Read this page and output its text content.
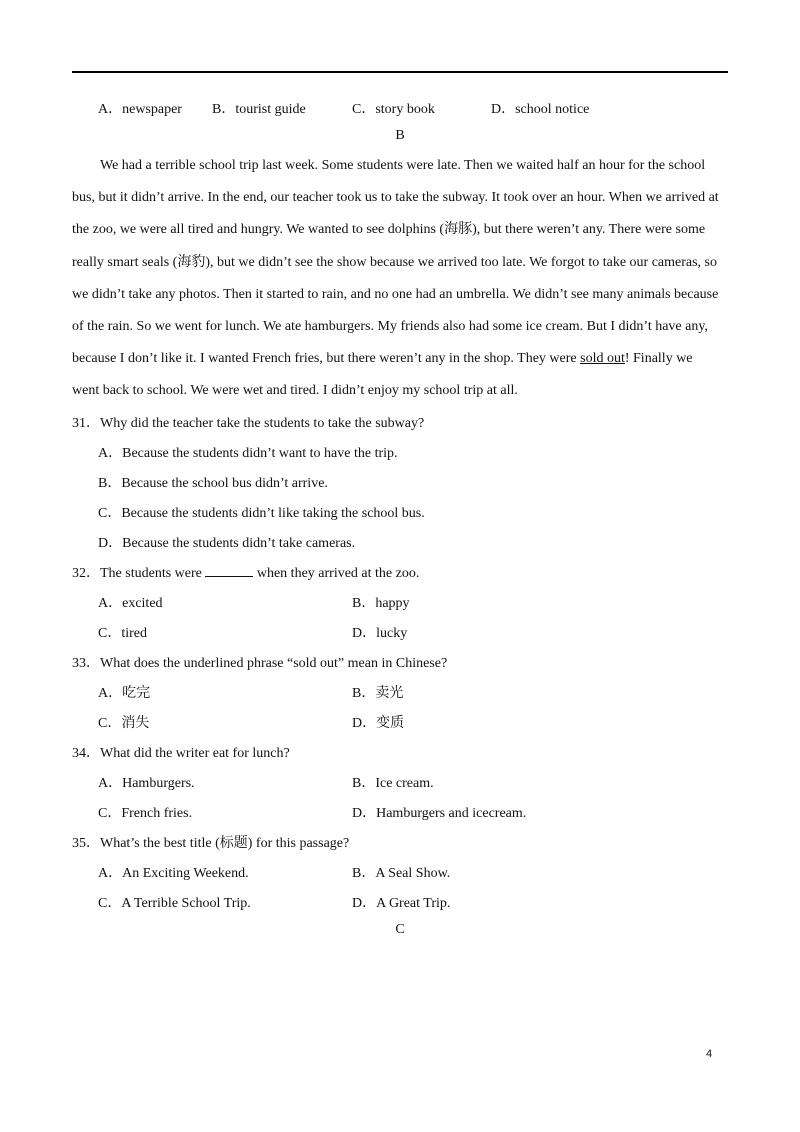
A．newspaper B．tourist guide	C．story book	D．school notice
B
We had a terrible school trip last week. Some students were late. Then we waited half an hour for the school
bus, but it didn’t arrive. In the end, our teacher took us to take the subway. It took over an hour. When we arrived at
the zoo, we were all tired and hungry. We wanted to see dolphins (海豚), but there weren’t any. There were some
really smart seals (海豹), but we didn’t see the show because we arrived too late. We forgot to take our cameras, so
we didn’t take any photos. Then it started to rain, and no one had an umbrella. We didn’t see many animals because
of the rain. So we went for lunch. We ate hamburgers. My friends also had some ice cream. But I didn’t have any,
because I don’t like it. I wanted French fries, but there weren’t any in the shop. They were sold out! Finally we
went back to school. We were wet and tired. I didn’t enjoy my school trip at all.
31．Why did the teacher take the students to take the subway?
A．Because the students didn’t want to have the trip.
B．Because the school bus didn’t arrive.
C．Because the students didn’t like taking the school bus.
D．Because the students didn’t take cameras.
32．The students were	when they arrived at the zoo.
A．excited	B．happy
C．tired	D．lucky
33．What does the underlined phrase “sold out” mean in Chinese?
A．吃完	B．卖光
C．消失	D．变质
34．What did the writer eat for lunch?
A．Hamburgers.	B．Ice cream.
C．French fries.	D．Hamburgers and icecream.
35．What’s the best title (标题) for this passage?
A．An Exciting Weekend.	B．A Seal Show.
C．A Terrible School Trip.	D．A Great Trip.
C
4
